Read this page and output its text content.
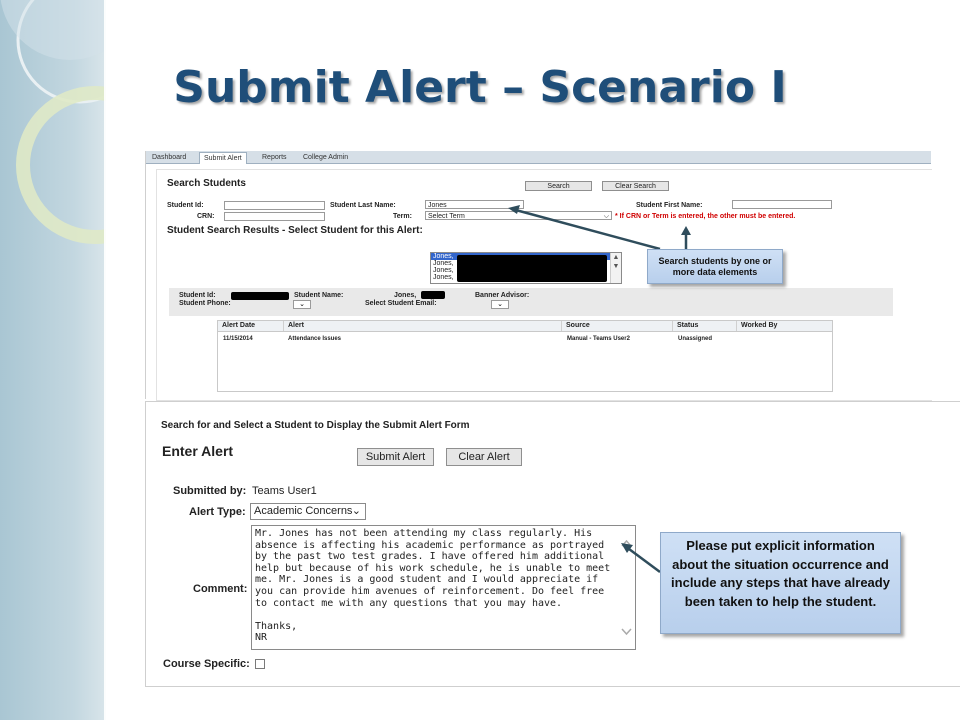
Submit Alert – Scenario I
Dashboard	Submit Alert	Reports	College Admin
Search Students	Search	Clear Search
Student Id:	Student Last Name:	Jones	Student First Name:
CRN:	Term:	Select Term	⌵ * If CRN or Term is entered, the other must be entered.
Student Search Results - Select Student for this Alert:
Jones,
Jones,
Jones,
Jones,
▲
▼
Student Id:	Student Name:	Jones,	Banner Advisor:
Student Phone:	⌄	Select Student Email:	⌄
Alert Date	Alert	Source	Status	Worked By
11/15/2014	Attendance Issues	Manual - Teams User2	Unassigned
Search for and Select a Student to Display the Submit Alert Form
Enter Alert	Submit Alert	Clear Alert
Submitted by: Teams User1
Alert Type: Academic Concerns ⌄
Comment:
Mr. Jones has not been attending my class regularly. His
absence is affecting his academic performance as portrayed
by the past two test grades. I have offered him additional
help but because of his work schedule, he is unable to meet
me. Mr. Jones is a good student and I would appreciate if
you can provide him avenues of reinforcement. Do feel free
to contact me with any questions that you may have.

Thanks,
NR
Course Specific:
Search students by one or more data elements
Please put explicit information about the situation occurrence and include any steps that have already been taken to help the student.
